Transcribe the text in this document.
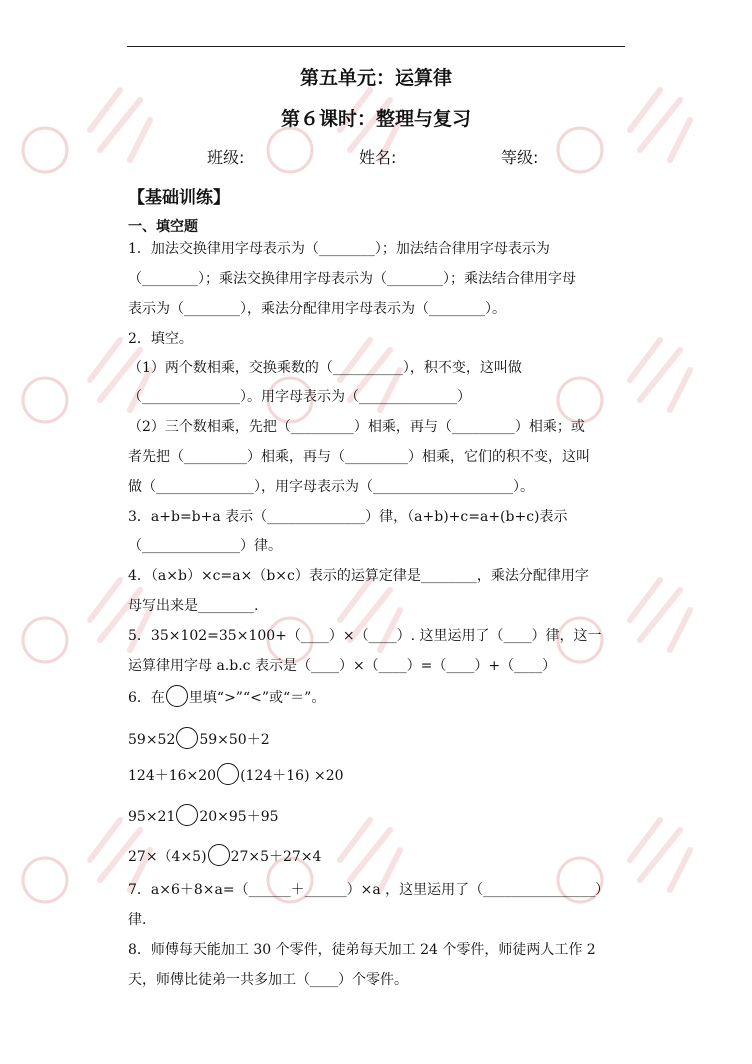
第五单元：运算律
第６课时：整理与复习
班级:	姓名:	等级:
【基础训练】
一、填空题
1．加法交换律用字母表示为（________）；加法结合律用字母表示为
（________）；乘法交换律用字母表示为（________）；乘法结合律用字母
表示为（________），乘法分配律用字母表示为（________）。
2．填空。
（1）两个数相乘，交换乘数的（__________），积不变，这叫做
（______________）。用字母表示为（______________）
（2）三个数相乘，先把（_________）相乘，再与（_________）相乘；或
者先把（_________）相乘，再与（_________）相乘，它们的积不变，这叫
做（______________），用字母表示为（____________________）。
3．a+b=b+a 表示（______________）律，（a+b)+c=a+(b+c)表示
（______________）律。
4．（a×b）×c=a×（b×c）表示的运算定律是________，乘法分配律用字
母写出来是________.
5．35×102=35×100+（____）×（____）. 这里运用了（____）律，这一
运算律用字母 a.b.c 表示是（____）×（____）=（____）+（____）
6．在 里填“>”“<”或“＝”。
59×52 59×50＋2
124＋16×20 (124＋16) ×20
95×21 20×95＋95
27×（4×5) 27×5＋27×4
7．a×6＋8×a=（______＋______）×a ，这里运用了（________________）
律.
8．师傅每天能加工 30 个零件，徒弟每天加工 24 个零件，师徒两人工作 2
天，师傅比徒弟一共多加工（____）个零件。
